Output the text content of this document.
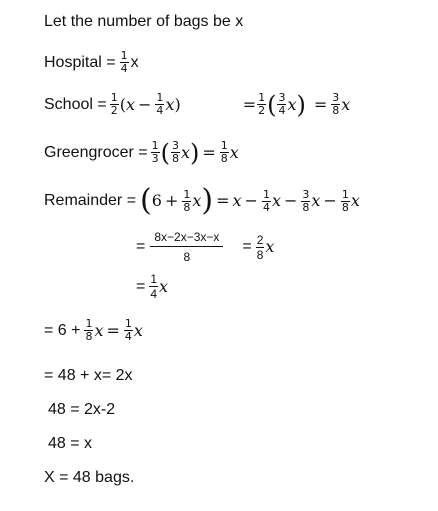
Let the number of bags be x
Hospital = $\frac{1}{4}$ x
School = $\frac{1}{2}$ ( $x - \frac{1}{4}$ x )	= $\frac{1}{2}$ ( $\frac{3}{4}$ x ) = $\frac{3}{8}$ x
Greengrocer = $\frac{1}{3}$ ( $\frac{3}{8}$ x ) = $\frac{1}{8}$ x
Remainder = ( $6 + \frac{1}{8}$ x ) = $x - \frac{1}{4}$ $x - \frac{3}{8}$ $x - \frac{1}{8}$ x
= $\frac{8x-2x-3x-x}{8} = \frac{2}{8}$ x
= $\frac{1}{4}$ x
= $6 + \frac{1}{8}$ $x = \frac{1}{4}$ x
= 48 + x= 2x
48 = 2x-2
48 = x
X = 48 bags.
